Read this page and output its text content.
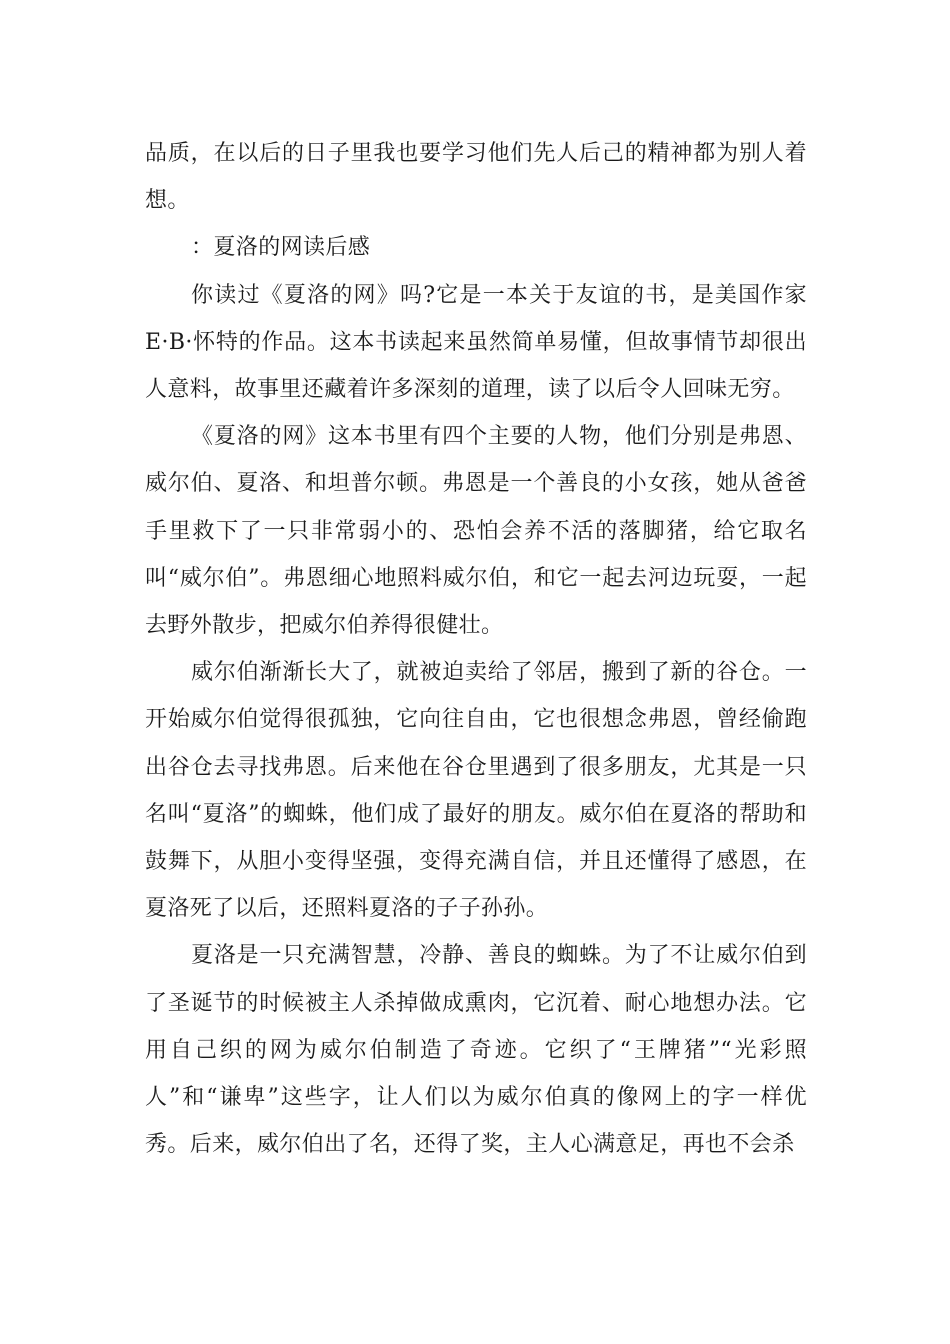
品质，在以后的日子里我也要学习他们先人后己的精神都为别人着想。

：夏洛的网读后感

你读过《夏洛的网》吗?它是一本关于友谊的书，是美国作家E·B·怀特的作品。这本书读起来虽然简单易懂，但故事情节却很出人意料，故事里还藏着许多深刻的道理，读了以后令人回味无穷。

《夏洛的网》这本书里有四个主要的人物，他们分别是弗恩、威尔伯、夏洛、和坦普尔顿。弗恩是一个善良的小女孩，她从爸爸手里救下了一只非常弱小的、恐怕会养不活的落脚猪，给它取名叫“威尔伯”。弗恩细心地照料威尔伯，和它一起去河边玩耍，一起去野外散步，把威尔伯养得很健壮。

威尔伯渐渐长大了，就被迫卖给了邻居，搬到了新的谷仓。一开始威尔伯觉得很孤独，它向往自由，它也很想念弗恩，曾经偷跑出谷仓去寻找弗恩。后来他在谷仓里遇到了很多朋友，尤其是一只名叫“夏洛”的蜘蛛，他们成了最好的朋友。威尔伯在夏洛的帮助和鼓舞下，从胆小变得坚强，变得充满自信，并且还懂得了感恩，在夏洛死了以后，还照料夏洛的子子孙孙。

夏洛是一只充满智慧，冷静、善良的蜘蛛。为了不让威尔伯到了圣诞节的时候被主人杀掉做成熏肉，它沉着、耐心地想办法。它用自己织的网为威尔伯制造了奇迹。它织了“王牌猪”“光彩照人”和“谦卑”这些字，让人们以为威尔伯真的像网上的字一样优秀。后来，威尔伯出了名，还得了奖，主人心满意足，再也不会杀
